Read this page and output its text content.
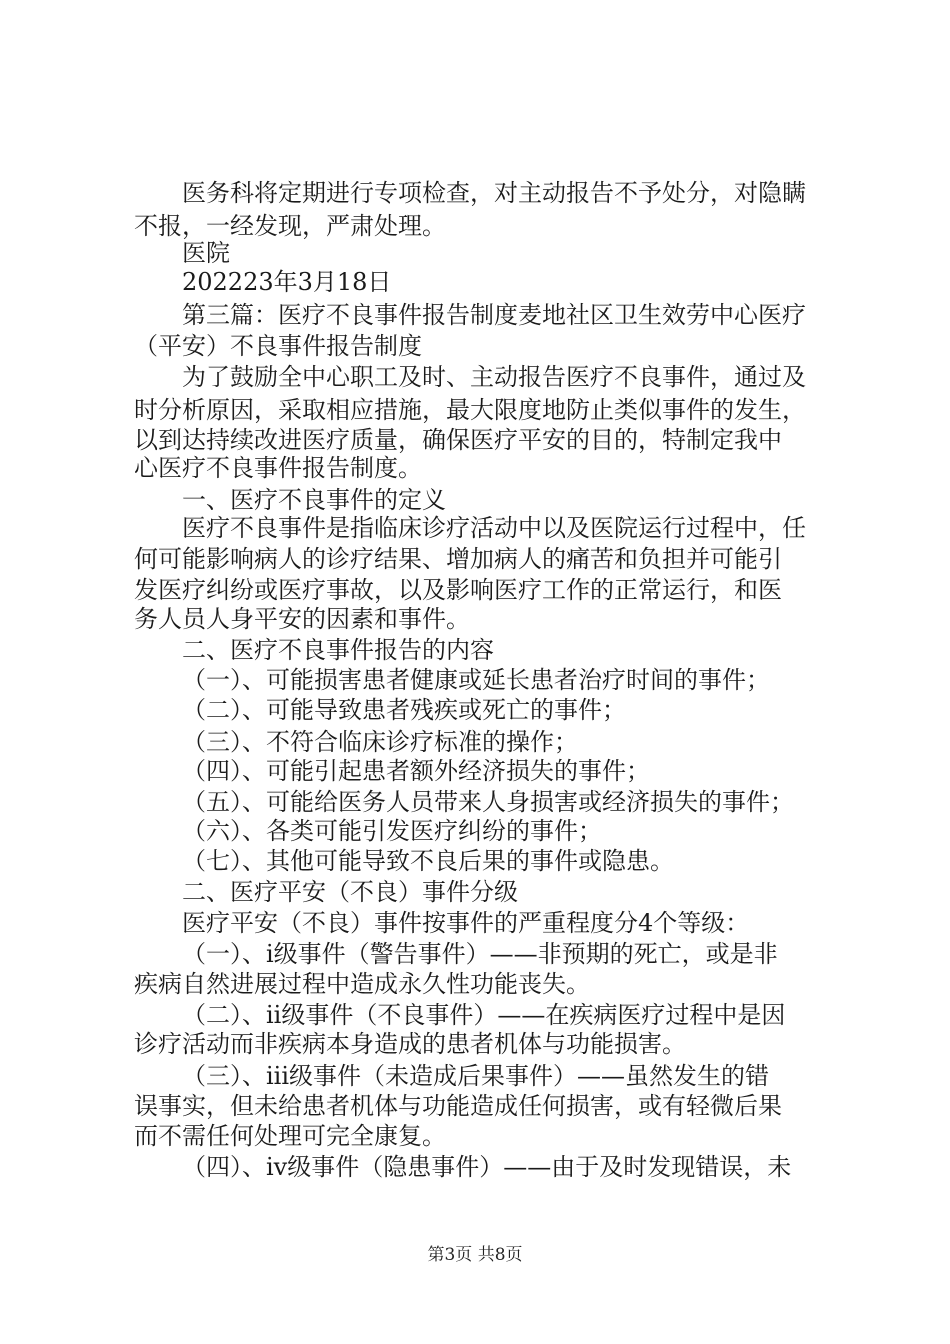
医务科将定期进行专项检查，对主动报告不予处分，对隐瞒

不报，一经发现，严肃处理。

医院

202223年3月18日

第三篇：医疗不良事件报告制度麦地社区卫生效劳中心医疗

（平安）不良事件报告制度

为了鼓励全中心职工及时、主动报告医疗不良事件，通过及

时分析原因，采取相应措施，最大限度地防止类似事件的发生，

以到达持续改进医疗质量，确保医疗平安的目的，特制定我中

心医疗不良事件报告制度。

一、医疗不良事件的定义

医疗不良事件是指临床诊疗活动中以及医院运行过程中，任

何可能影响病人的诊疗结果、增加病人的痛苦和负担并可能引

发医疗纠纷或医疗事故，以及影响医疗工作的正常运行，和医

务人员人身平安的因素和事件。

二、医疗不良事件报告的内容

（一）、可能损害患者健康或延长患者治疗时间的事件；

（二）、可能导致患者残疾或死亡的事件；

（三）、不符合临床诊疗标准的操作；

（四）、可能引起患者额外经济损失的事件；

（五）、可能给医务人员带来人身损害或经济损失的事件；

（六）、各类可能引发医疗纠纷的事件；

（七）、其他可能导致不良后果的事件或隐患。

二、医疗平安（不良）事件分级

医疗平安（不良）事件按事件的严重程度分4个等级：

（一）、i级事件（警告事件）——非预期的死亡，或是非

疾病自然进展过程中造成永久性功能丧失。

（二）、ii级事件（不良事件）——在疾病医疗过程中是因

诊疗活动而非疾病本身造成的患者机体与功能损害。

（三）、iii级事件（未造成后果事件）——虽然发生的错

误事实，但未给患者机体与功能造成任何损害，或有轻微后果

而不需任何处理可完全康复。

（四）、iv级事件（隐患事件）——由于及时发现错误，未

第3页 共8页
